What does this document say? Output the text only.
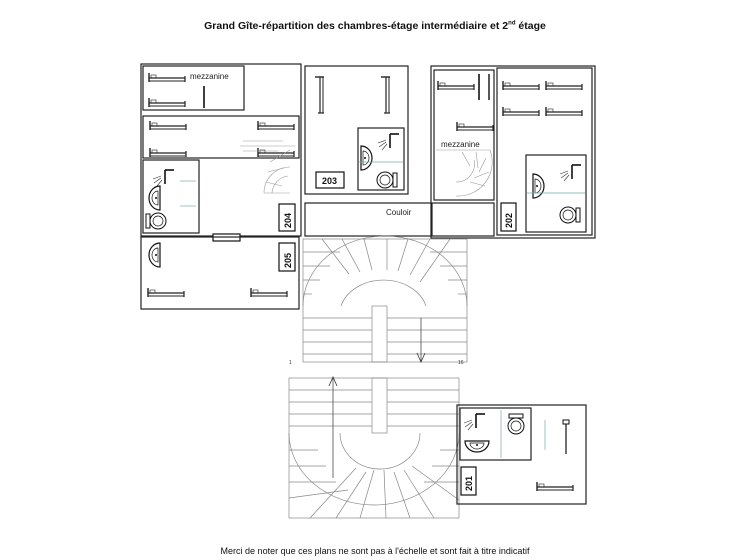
Grand Gîte-répartition des chambres-étage intermédiaire et 2nd étage
mezzanine
204
205
203
Couloir
mezzanine
202
1	16
201
Merci de noter que ces plans ne sont pas à l'échelle et sont fait à titre indicatif
